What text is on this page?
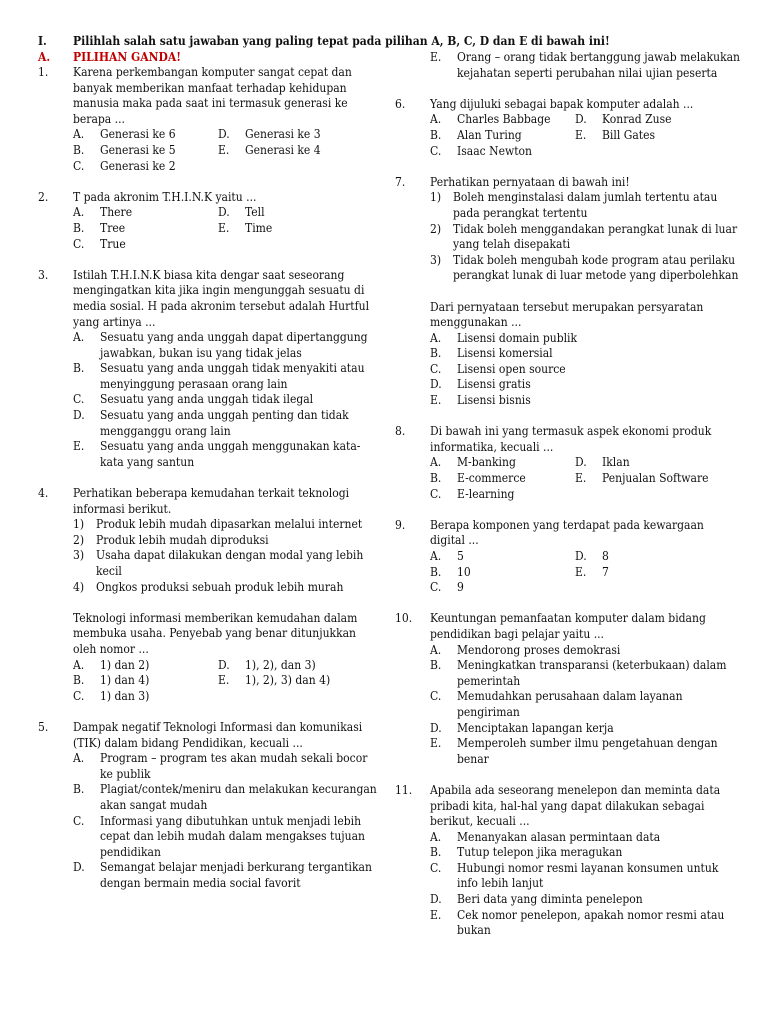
I. Pilihlah salah satu jawaban yang paling tepat pada pilihan A, B, C, D dan E di bawah ini!
A. PILIHAN GANDA!
1. Karena perkembangan komputer sangat cepat dan banyak memberikan manfaat terhadap kehidupan manusia maka pada saat ini termasuk generasi ke berapa ...
A. Generasi ke 6	D. Generasi ke 3
B. Generasi ke 5	E. Generasi ke 4
C. Generasi ke 2
2. T pada akronim T.H.I.N.K yaitu ...
A. There	D. Tell
B. Tree	E. Time
C. True
3. Istilah T.H.I.N.K biasa kita dengar saat seseorang mengingatkan kita jika ingin mengunggah sesuatu di media sosial. H pada akronim tersebut adalah Hurtful yang artinya ...
A. Sesuatu yang anda unggah dapat dipertanggung jawabkan, bukan isu yang tidak jelas
B. Sesuatu yang anda unggah tidak menyakiti atau menyinggung perasaan orang lain
C. Sesuatu yang anda unggah tidak ilegal
D. Sesuatu yang anda unggah penting dan tidak mengganggu orang lain
E. Sesuatu yang anda unggah menggunakan kata-kata yang santun
4. Perhatikan beberapa kemudahan terkait teknologi informasi berikut.
1) Produk lebih mudah dipasarkan melalui internet
2) Produk lebih mudah diproduksi
3) Usaha dapat dilakukan dengan modal yang lebih kecil
4) Ongkos produksi sebuah produk lebih murah
Teknologi informasi memberikan kemudahan dalam membuka usaha. Penyebab yang benar ditunjukkan oleh nomor ...
A. 1) dan 2)	D. 1), 2), dan 3)
B. 1) dan 4)	E. 1), 2), 3) dan 4)
C. 1) dan 3)
5. Dampak negatif Teknologi Informasi dan komunikasi (TIK) dalam bidang Pendidikan, kecuali ...
A. Program – program tes akan mudah sekali bocor ke publik
B. Plagiat/contek/meniru dan melakukan kecurangan akan sangat mudah
C. Informasi yang dibutuhkan untuk menjadi lebih cepat dan lebih mudah dalam mengakses tujuan pendidikan
D. Semangat belajar menjadi berkurang tergantikan dengan bermain media social favorit
E. Orang – orang tidak bertanggung jawab melakukan kejahatan seperti perubahan nilai ujian peserta
6. Yang dijuluki sebagai bapak komputer adalah ...
A. Charles Babbage	D. Konrad Zuse
B. Alan Turing	E. Bill Gates
C. Isaac Newton
7. Perhatikan pernyataan di bawah ini!
1) Boleh menginstalasi dalam jumlah tertentu atau pada perangkat tertentu
2) Tidak boleh menggandakan perangkat lunak di luar yang telah disepakati
3) Tidak boleh mengubah kode program atau perilaku perangkat lunak di luar metode yang diperbolehkan
Dari pernyataan tersebut merupakan persyaratan menggunakan ...
A. Lisensi domain publik
B. Lisensi komersial
C. Lisensi open source
D. Lisensi gratis
E. Lisensi bisnis
8. Di bawah ini yang termasuk aspek ekonomi produk informatika, kecuali ...
A. M-banking	D. Iklan
B. E-commerce	E. Penjualan Software
C. E-learning
9. Berapa komponen yang terdapat pada kewargaan digital ...
A. 5	D. 8
B. 10	E. 7
C. 9
10. Keuntungan pemanfaatan komputer dalam bidang pendidikan bagi pelajar yaitu ...
A. Mendorong proses demokrasi
B. Meningkatkan transparansi (keterbukaan) dalam pemerintah
C. Memudahkan perusahaan dalam layanan pengiriman
D. Menciptakan lapangan kerja
E. Memperoleh sumber ilmu pengetahuan dengan benar
11. Apabila ada seseorang menelepon dan meminta data pribadi kita, hal-hal yang dapat dilakukan sebagai berikut, kecuali ...
A. Menanyakan alasan permintaan data
B. Tutup telepon jika meragukan
C. Hubungi nomor resmi layanan konsumen untuk info lebih lanjut
D. Beri data yang diminta penelepon
E. Cek nomor penelepon, apakah nomor resmi atau bukan
